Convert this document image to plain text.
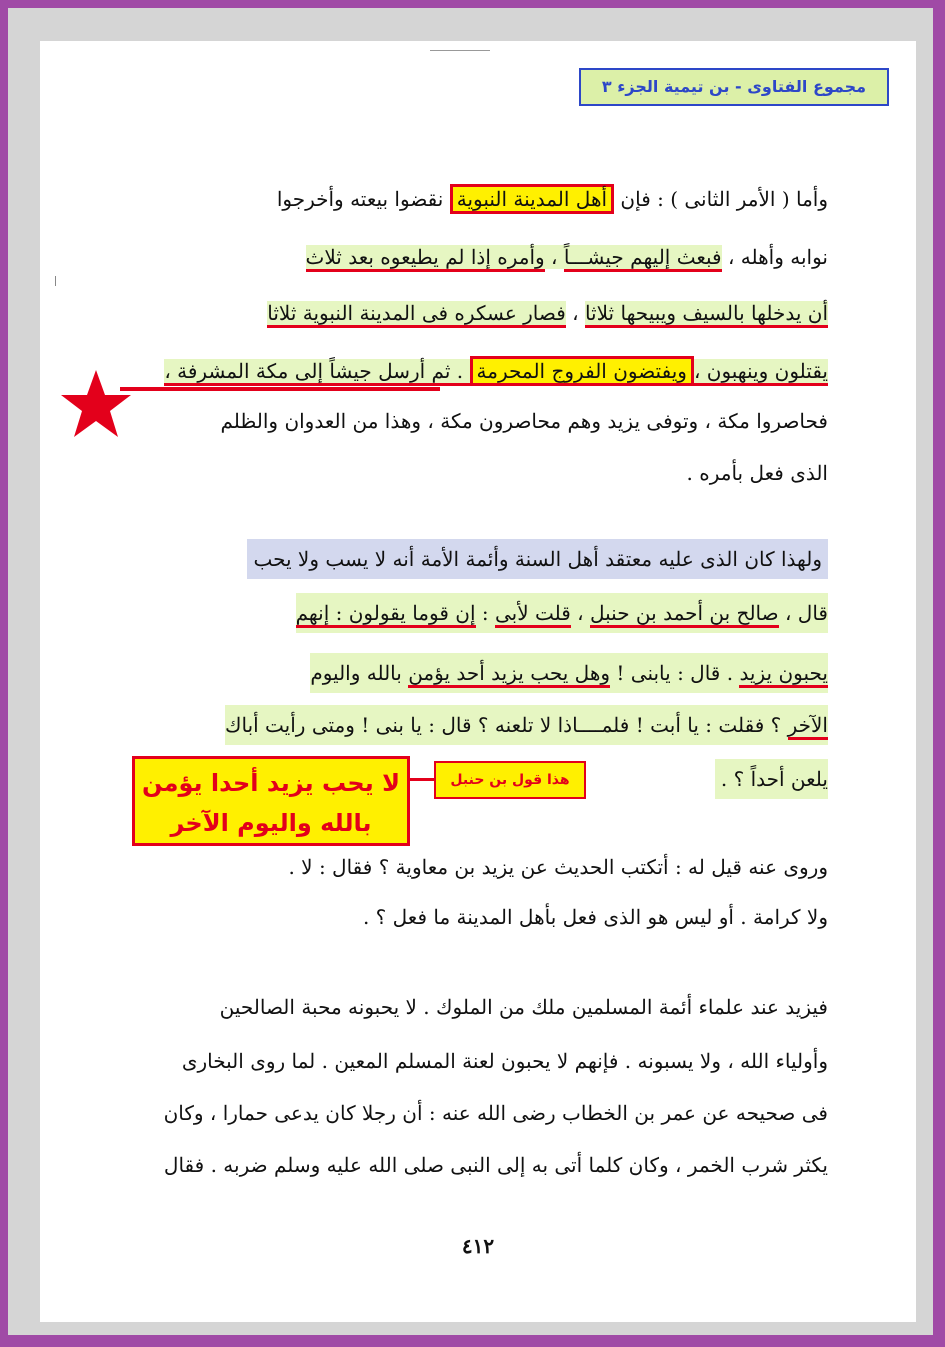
مجموع الفتاوى - بن تيمية الجزء ٣
وأما ( الأمر الثانى ) : فإن أهل المدينة النبوية نقضوا بيعته وأخرجوا
نوابه وأهله ، فبعث إليهم جيشـــاً ، وأمره إذا لم يطيعوه بعد ثلاث
أن يدخلها بالسيف ويبيحها ثلاثا ، فصار عسكره فى المدينة النبوية ثلاثا
يقتلون وينهبون ،ويفتضون الفروج المحرمة . ثم أرسل جيشاً إلى مكة المشرفة ،
فحاصروا مكة ، وتوفى يزيد وهم محاصرون مكة ، وهذا من العدوان والظلم
الذى فعل بأمره .
ولهذا كان الذى عليه معتقد أهل السنة وأئمة الأمة أنه لا يسب ولا يحب
قال ، صالح بن أحمد بن حنبل ، قلت لأبى : إن قوما يقولون : إنهم
يحبون يزيد . قال : يابنى ! وهل يحب يزيد أحد يؤمن بالله واليوم
الآخر ؟ فقلت : يا أبت ! فلمــــاذا لا تلعنه ؟ قال : يا بنى ! ومتى رأيت أباك
يلعن أحداً ؟ .
هذا قول بن حنبل
لا يحب يزيد أحدا يؤمن
بالله واليوم الآخر
وروى عنه قيل له : أتكتب الحديث عن يزيد بن معاوية ؟ فقال : لا .
ولا كرامة . أو ليس هو الذى فعل بأهل المدينة ما فعل ؟ .
فيزيد عند علماء أئمة المسلمين ملك من الملوك . لا يحبونه محبة الصالحين
وأولياء الله ، ولا يسبونه . فإنهم لا يحبون لعنة المسلم المعين . لما روى البخارى
فى صحيحه عن عمر بن الخطاب رضى الله عنه : أن رجلا كان يدعى حمارا ، وكان
يكثر شرب الخمر ، وكان كلما أتى به إلى النبى صلى الله عليه وسلم ضربه . فقال
٤١٢
